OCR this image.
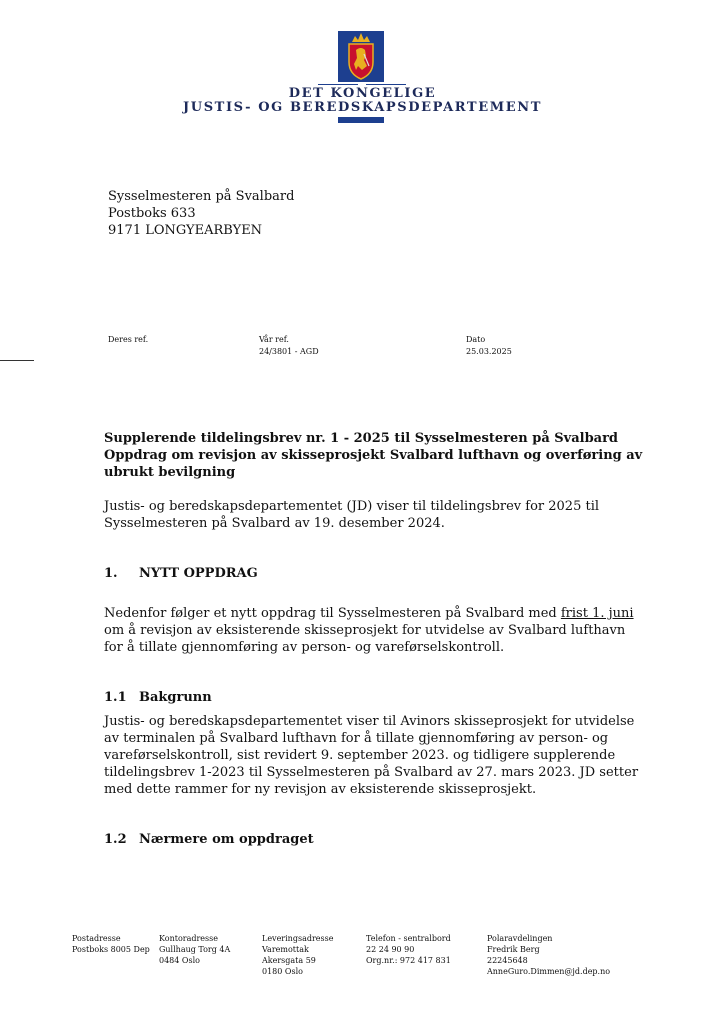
DET KONGELIGE
JUSTIS- OG BEREDSKAPSDEPARTEMENT
Sysselmesteren på Svalbard
Postboks 633
9171 LONGYEARBYEN
Deres ref.	Vår ref.
24/3801 - AGD
Dato
25.03.2025
Supplerende tildelingsbrev nr. 1 - 2025 til Sysselmesteren på Svalbard Oppdrag om revisjon av skisseprosjekt Svalbard lufthavn og overføring av ubrukt bevilgning
Justis- og beredskapsdepartementet (JD) viser til tildelingsbrev for 2025 til Sysselmesteren på Svalbard av 19. desember 2024.
1. NYTT OPPDRAG
Nedenfor følger et nytt oppdrag til Sysselmesteren på Svalbard med frist 1. juni om å revisjon av eksisterende skisseprosjekt for utvidelse av Svalbard lufthavn for å tillate gjennomføring av person- og vareførselskontroll.
1.1 Bakgrunn
Justis- og beredskapsdepartementet viser til Avinors skisseprosjekt for utvidelse av terminalen på Svalbard lufthavn for å tillate gjennomføring av person- og vareførselskontroll, sist revidert 9. september 2023. og tidligere supplerende tildelingsbrev 1-2023 til Sysselmesteren på Svalbard av 27. mars 2023. JD setter med dette rammer for ny revisjon av eksisterende skisseprosjekt.
1.2 Nærmere om oppdraget
Postadresse
Postboks 8005 Dep
Kontoradresse
Gullhaug Torg 4A
0484 Oslo
Leveringsadresse
Varemottak
Akersgata 59
0180 Oslo
Telefon - sentralbord
22 24 90 90
Org.nr.: 972 417 831
Polaravdelingen
Fredrik Berg
22245648
AnneGuro.Dimmen@jd.dep.no
